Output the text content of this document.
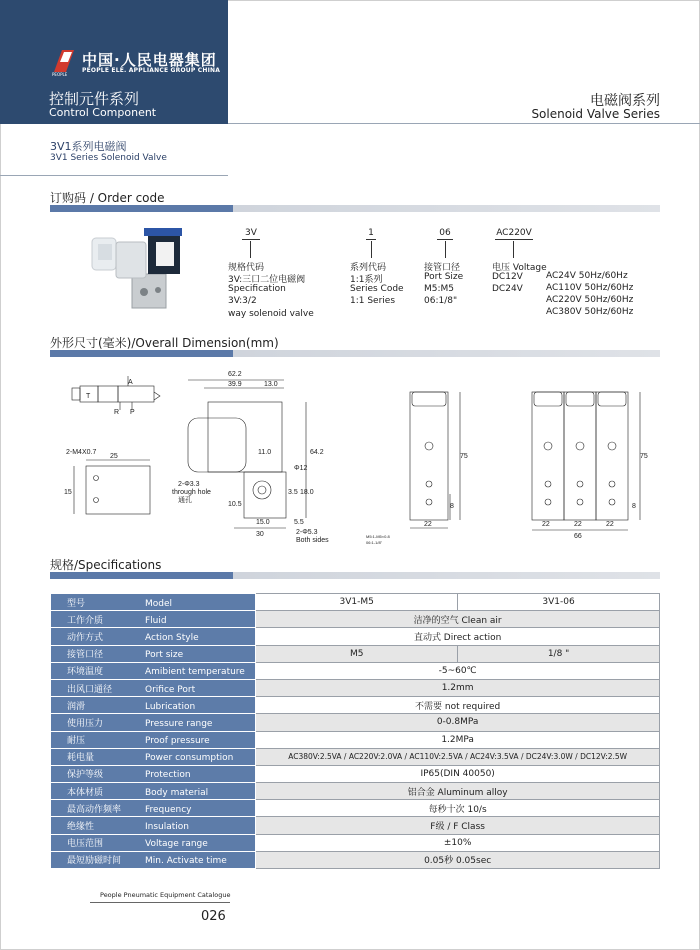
PEOPLE
中国·人民电器集团
PEOPLE ELE. APPLIANCE GROUP CHINA
控制元件系列
Control Component
电磁阀系列
Solenoid Valve Series
3V1系列电磁阀
3V1 Series Solenoid Valve
订购码 / Order code
3V	1	06	AC220V
规格代码
3V:三口二位电磁阀
Specification
3V:3/2
way solenoid valve
系列代码
1:1系列
Series Code
1:1 Series
接管口径
Port Size
M5:M5
06:1/8"
电压 Voltage
DC12V
DC24V
AC24V 50Hz/60Hz
AC110V 50Hz/60Hz
AC220V 50Hz/60Hz
AC380V 50Hz/60Hz
外形尺寸(毫米)/Overall Dimension(mm)
A
R P
T
2-M4X0.7
25
15
62.2
39.9	13.0
11.0
Φ12
64.2
2-Φ3.3
through hole
通孔
10.5
3.5 18.0
15.0	5.5
30	2-Φ5.3
Both sides
75
8
22
M5:1-M5×0.8
06:1-1/8"
75
8
22	22	22
66
规格/Specifications
型号 Model	3V1-M5	3V1-06
工作介质 Fluid	洁净的空气 Clean air	
动作方式 Action Style	直动式 Direct action	
接管口径 Port size	M5	1/8 "
环境温度 Amibient temperature	-5~60℃	
出风口通径 Orifice Port	1.2mm	
润滑 Lubrication	不需要 not required	
使用压力 Pressure range	0-0.8MPa	
耐压 Proof pressure	1.2MPa	
耗电量 Power consumption	AC380V:2.5VA / AC220V:2.0VA / AC110V:2.5VA / AC24V:3.5VA / DC24V:3.0W / DC12V:2.5W	
保护等级 Protection	IP65(DIN 40050)	
本体材质 Body material	铝合金 Aluminum alloy	
最高动作频率 Frequency	每秒十次 10/s	
绝缘性 Insulation	F级 / F Class	
电压范围 Voltage range	±10%	
最短励磁时间 Min. Activate time	0.05秒 0.05sec	
People Pneumatic Equipment Catalogue
026
